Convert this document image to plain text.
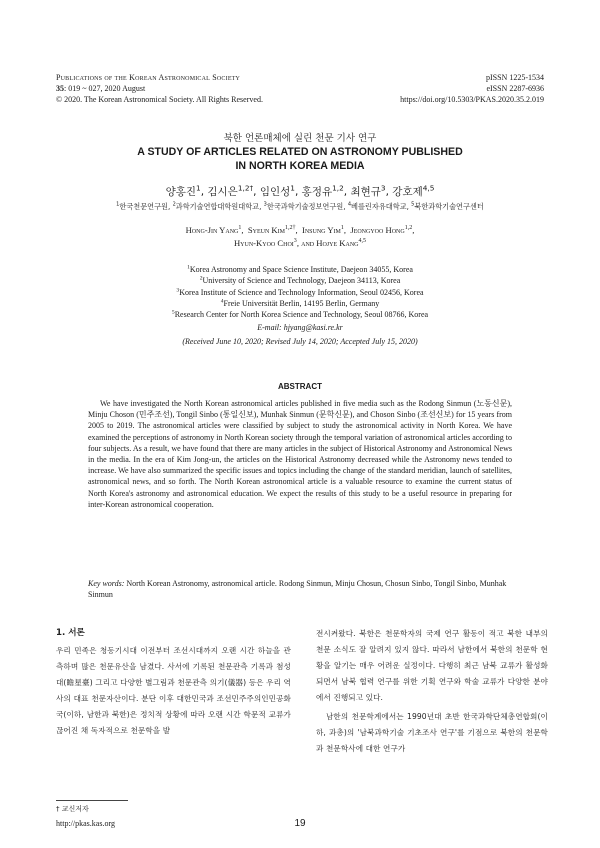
Publications of the Korean Astronomical Society
35: 019 ~ 027, 2020 August
© 2020. The Korean Astronomical Society. All Rights Reserved.
pISSN 1225-1534
eISSN 2287-6936
https://doi.org/10.5303/PKAS.2020.35.2.019
북한 언론매체에 실린 천문 기사 연구
A STUDY OF ARTICLES RELATED ON ASTRONOMY PUBLISHED
IN NORTH KOREA MEDIA
양홍진$^1$, 김시은$^{1,2\dagger}$, 임인성$^1$, 홍정유$^{1,2}$, 최현규$^3$, 강호제$^{4,5}$
$^1$한국천문연구원, $^2$과학기술연합대학원대학교, $^3$한국과학기술정보연구원, $^4$베를린자유대학교, $^5$북한과학기술연구센터
Hong-Jin Yang$^1$,  Syeun Kim$^{1,2\dagger}$,  Insung Yim$^1$,  Jeongyoo Hong$^{1,2}$,
Hyun-Kyoo Choi$^3$, and Hojye Kang$^{4,5}$
$^1$Korea Astronomy and Space Science Institute, Daejeon 34055, Korea
$^2$University of Science and Technology, Daejeon 34113, Korea
$^3$Korea Institute of Science and Technology Information, Seoul 02456, Korea
$^4$Freie Universität Berlin, 14195 Berlin, Germany
$^5$Research Center for North Korea Science and Technology, Seoul 08766, Korea
E-mail: hjyang@kasi.re.kr
(Received June 10, 2020; Revised July 14, 2020; Accepted July 15, 2020)
ABSTRACT
We have investigated the North Korean astronomical articles published in five media such as the Rodong Sinmun (노동신문), Minju Choson (민주조선), Tongil Sinbo (통일신보), Munhak Sinmun (문학신문), and Choson Sinbo (조선신보) for 15 years from 2005 to 2019. The astronomical articles were classified by subject to study the astronomical activity in North Korea. We have examined the perceptions of astronomy in North Korean society through the temporal variation of astronomical articles according to four subjects. As a result, we have found that there are many articles in the subject of Historical Astronomy and Astronomical News in the media. In the era of Kim Jong-un, the articles on the Historical Astronomy decreased while the Astronomy news tended to increase. We have also summarized the specific issues and topics including the change of the standard meridian, launch of satellites, astronomical news, and so forth. The North Korean astronomical article is a valuable resource to examine the current status of North Korea's astronomy and astronomical education. We expect the results of this study to be a useful resource in preparing for inter-Korean astronomical cooperation.
Key words: North Korean Astronomy, astronomical article. Rodong Sinmun, Minju Chosun, Chosun Sinbo, Tongil Sinbo, Munhak Sinmun
1. 서론
우리 민족은 청동기시대 이전부터 조선시대까지 오랜 시간 하늘을 관측하며 많은 천문유산을 남겼다. 사서에 기록된 천문관측 기록과 첨성대(瞻星臺) 그리고 다양한 별그림과 천문관측 의기(儀器) 등은 우리 역사의 대표 천문자산이다. 분단 이후 대한민국과 조선민주주의인민공화국(이하, 남한과 북한)은 정치적 상황에 따라 오랜 시간 학문적 교류가 끊어진 채 독자적으로 천문학을 발
전시켜왔다. 북한은 천문학자의 국제 연구 활동이 적고 북한 내부의 천문 소식도 잘 알려지 있지 않다. 따라서 남한에서 북한의 천문학 현황을 알기는 매우 어려운 실정이다. 다행히 최근 남북 교류가 활성화되면서 남북 협력 연구를 위한 기획 연구와 학술 교류가 다양한 분야에서 진행되고 있다.
남한의 천문학계에서는 1990년대 초반 한국과학단체총연합회(이하, 과총)의 '남북과학기술 기초조사 연구'를 기점으로 북한의 천문학과 천문학사에 대한 연구가
† 교신저자
http://pkas.kas.org	19
